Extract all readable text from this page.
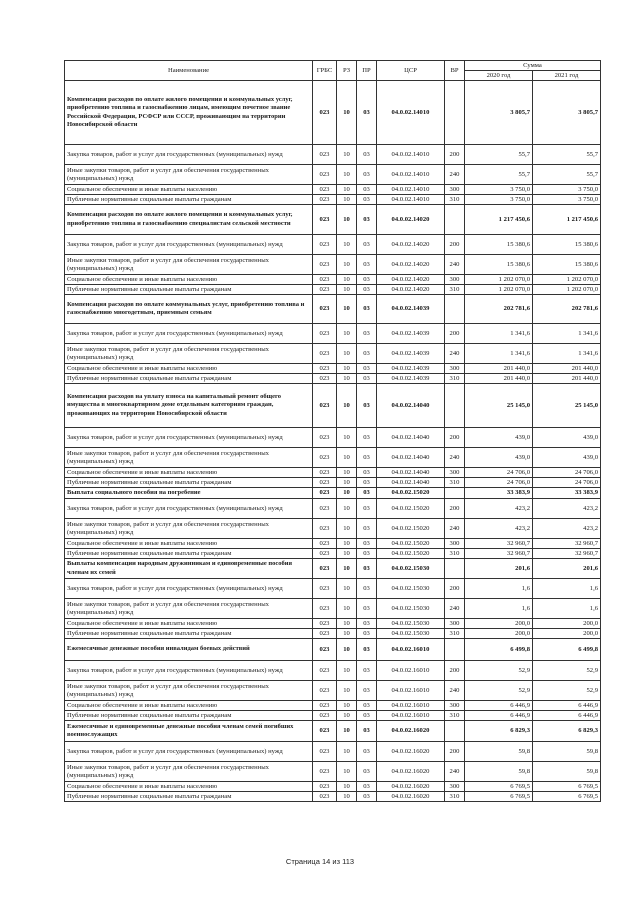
Наименование	ГРБС	РЗ	ПР	ЦСР	ВР	Сумма	
						2020 год	2021 год
Компенсация расходов по оплате жилого помещения и коммунальных услуг, приобретению топлива и газоснабжению лицам, имеющим почетное звание Российской Федерации, РСФСР или СССР, проживающим на территории Новосибирской области	023	10	03	04.0.02.14010		3 805,7	3 805,7
Закупка товаров, работ и услуг для государственных (муниципальных) нужд	023	10	03	04.0.02.14010	200	55,7	55,7
Иные закупки товаров, работ и услуг для обеспечения государственных (муниципальных) нужд	023	10	03	04.0.02.14010	240	55,7	55,7
Социальное обеспечение и иные выплаты населению	023	10	03	04.0.02.14010	300	3 750,0	3 750,0
Публичные нормативные социальные выплаты гражданам	023	10	03	04.0.02.14010	310	3 750,0	3 750,0
Компенсация расходов по оплате жилого помещения и коммунальных услуг, приобретению топлива и газоснабжению специалистам сельской местности	023	10	03	04.0.02.14020		1 217 450,6	1 217 450,6
Закупка товаров, работ и услуг для государственных (муниципальных) нужд	023	10	03	04.0.02.14020	200	15 380,6	15 380,6
Иные закупки товаров, работ и услуг для обеспечения государственных (муниципальных) нужд	023	10	03	04.0.02.14020	240	15 380,6	15 380,6
Социальное обеспечение и иные выплаты населению	023	10	03	04.0.02.14020	300	1 202 070,0	1 202 070,0
Публичные нормативные социальные выплаты гражданам	023	10	03	04.0.02.14020	310	1 202 070,0	1 202 070,0
Компенсация расходов по оплате коммунальных услуг, приобретению топлива и газоснабжению многодетным, приемным семьям	023	10	03	04.0.02.14039		202 781,6	202 781,6
Закупка товаров, работ и услуг для государственных (муниципальных) нужд	023	10	03	04.0.02.14039	200	1 341,6	1 341,6
Иные закупки товаров, работ и услуг для обеспечения государственных (муниципальных) нужд	023	10	03	04.0.02.14039	240	1 341,6	1 341,6
Социальное обеспечение и иные выплаты населению	023	10	03	04.0.02.14039	300	201 440,0	201 440,0
Публичные нормативные социальные выплаты гражданам	023	10	03	04.0.02.14039	310	201 440,0	201 440,0
Компенсация расходов на уплату взноса на капитальный ремонт общего имущества в многоквартирном доме отдельным категориям граждан, проживающих на территории Новосибирской области	023	10	03	04.0.02.14040		25 145,0	25 145,0
Закупка товаров, работ и услуг для государственных (муниципальных) нужд	023	10	03	04.0.02.14040	200	439,0	439,0
Иные закупки товаров, работ и услуг для обеспечения государственных (муниципальных) нужд	023	10	03	04.0.02.14040	240	439,0	439,0
Социальное обеспечение и иные выплаты населению	023	10	03	04.0.02.14040	300	24 706,0	24 706,0
Публичные нормативные социальные выплаты гражданам	023	10	03	04.0.02.14040	310	24 706,0	24 706,0
Выплата социального пособия на погребение	023	10	03	04.0.02.15020		33 383,9	33 383,9
Закупка товаров, работ и услуг для государственных (муниципальных) нужд	023	10	03	04.0.02.15020	200	423,2	423,2
Иные закупки товаров, работ и услуг для обеспечения государственных (муниципальных) нужд	023	10	03	04.0.02.15020	240	423,2	423,2
Социальное обеспечение и иные выплаты населению	023	10	03	04.0.02.15020	300	32 960,7	32 960,7
Публичные нормативные социальные выплаты гражданам	023	10	03	04.0.02.15020	310	32 960,7	32 960,7
Выплаты компенсации народным дружинникам и единовременные пособия членам их семей	023	10	03	04.0.02.15030		201,6	201,6
Закупка товаров, работ и услуг для государственных (муниципальных) нужд	023	10	03	04.0.02.15030	200	1,6	1,6
Иные закупки товаров, работ и услуг для обеспечения государственных (муниципальных) нужд	023	10	03	04.0.02.15030	240	1,6	1,6
Социальное обеспечение и иные выплаты населению	023	10	03	04.0.02.15030	300	200,0	200,0
Публичные нормативные социальные выплаты гражданам	023	10	03	04.0.02.15030	310	200,0	200,0
Ежемесячные денежные пособия инвалидам боевых действий	023	10	03	04.0.02.16010		6 499,8	6 499,8
Закупка товаров, работ и услуг для государственных (муниципальных) нужд	023	10	03	04.0.02.16010	200	52,9	52,9
Иные закупки товаров, работ и услуг для обеспечения государственных (муниципальных) нужд	023	10	03	04.0.02.16010	240	52,9	52,9
Социальное обеспечение и иные выплаты населению	023	10	03	04.0.02.16010	300	6 446,9	6 446,9
Публичные нормативные социальные выплаты гражданам	023	10	03	04.0.02.16010	310	6 446,9	6 446,9
Ежемесячные и единовременные денежные пособия членам семей погибших военнослужащих	023	10	03	04.0.02.16020		6 829,3	6 829,3
Закупка товаров, работ и услуг для государственных (муниципальных) нужд	023	10	03	04.0.02.16020	200	59,8	59,8
Иные закупки товаров, работ и услуг для обеспечения государственных (муниципальных) нужд	023	10	03	04.0.02.16020	240	59,8	59,8
Социальное обеспечение и иные выплаты населению	023	10	03	04.0.02.16020	300	6 769,5	6 769,5
Публичные нормативные социальные выплаты гражданам	023	10	03	04.0.02.16020	310	6 769,5	6 769,5
Страница 14 из 113
